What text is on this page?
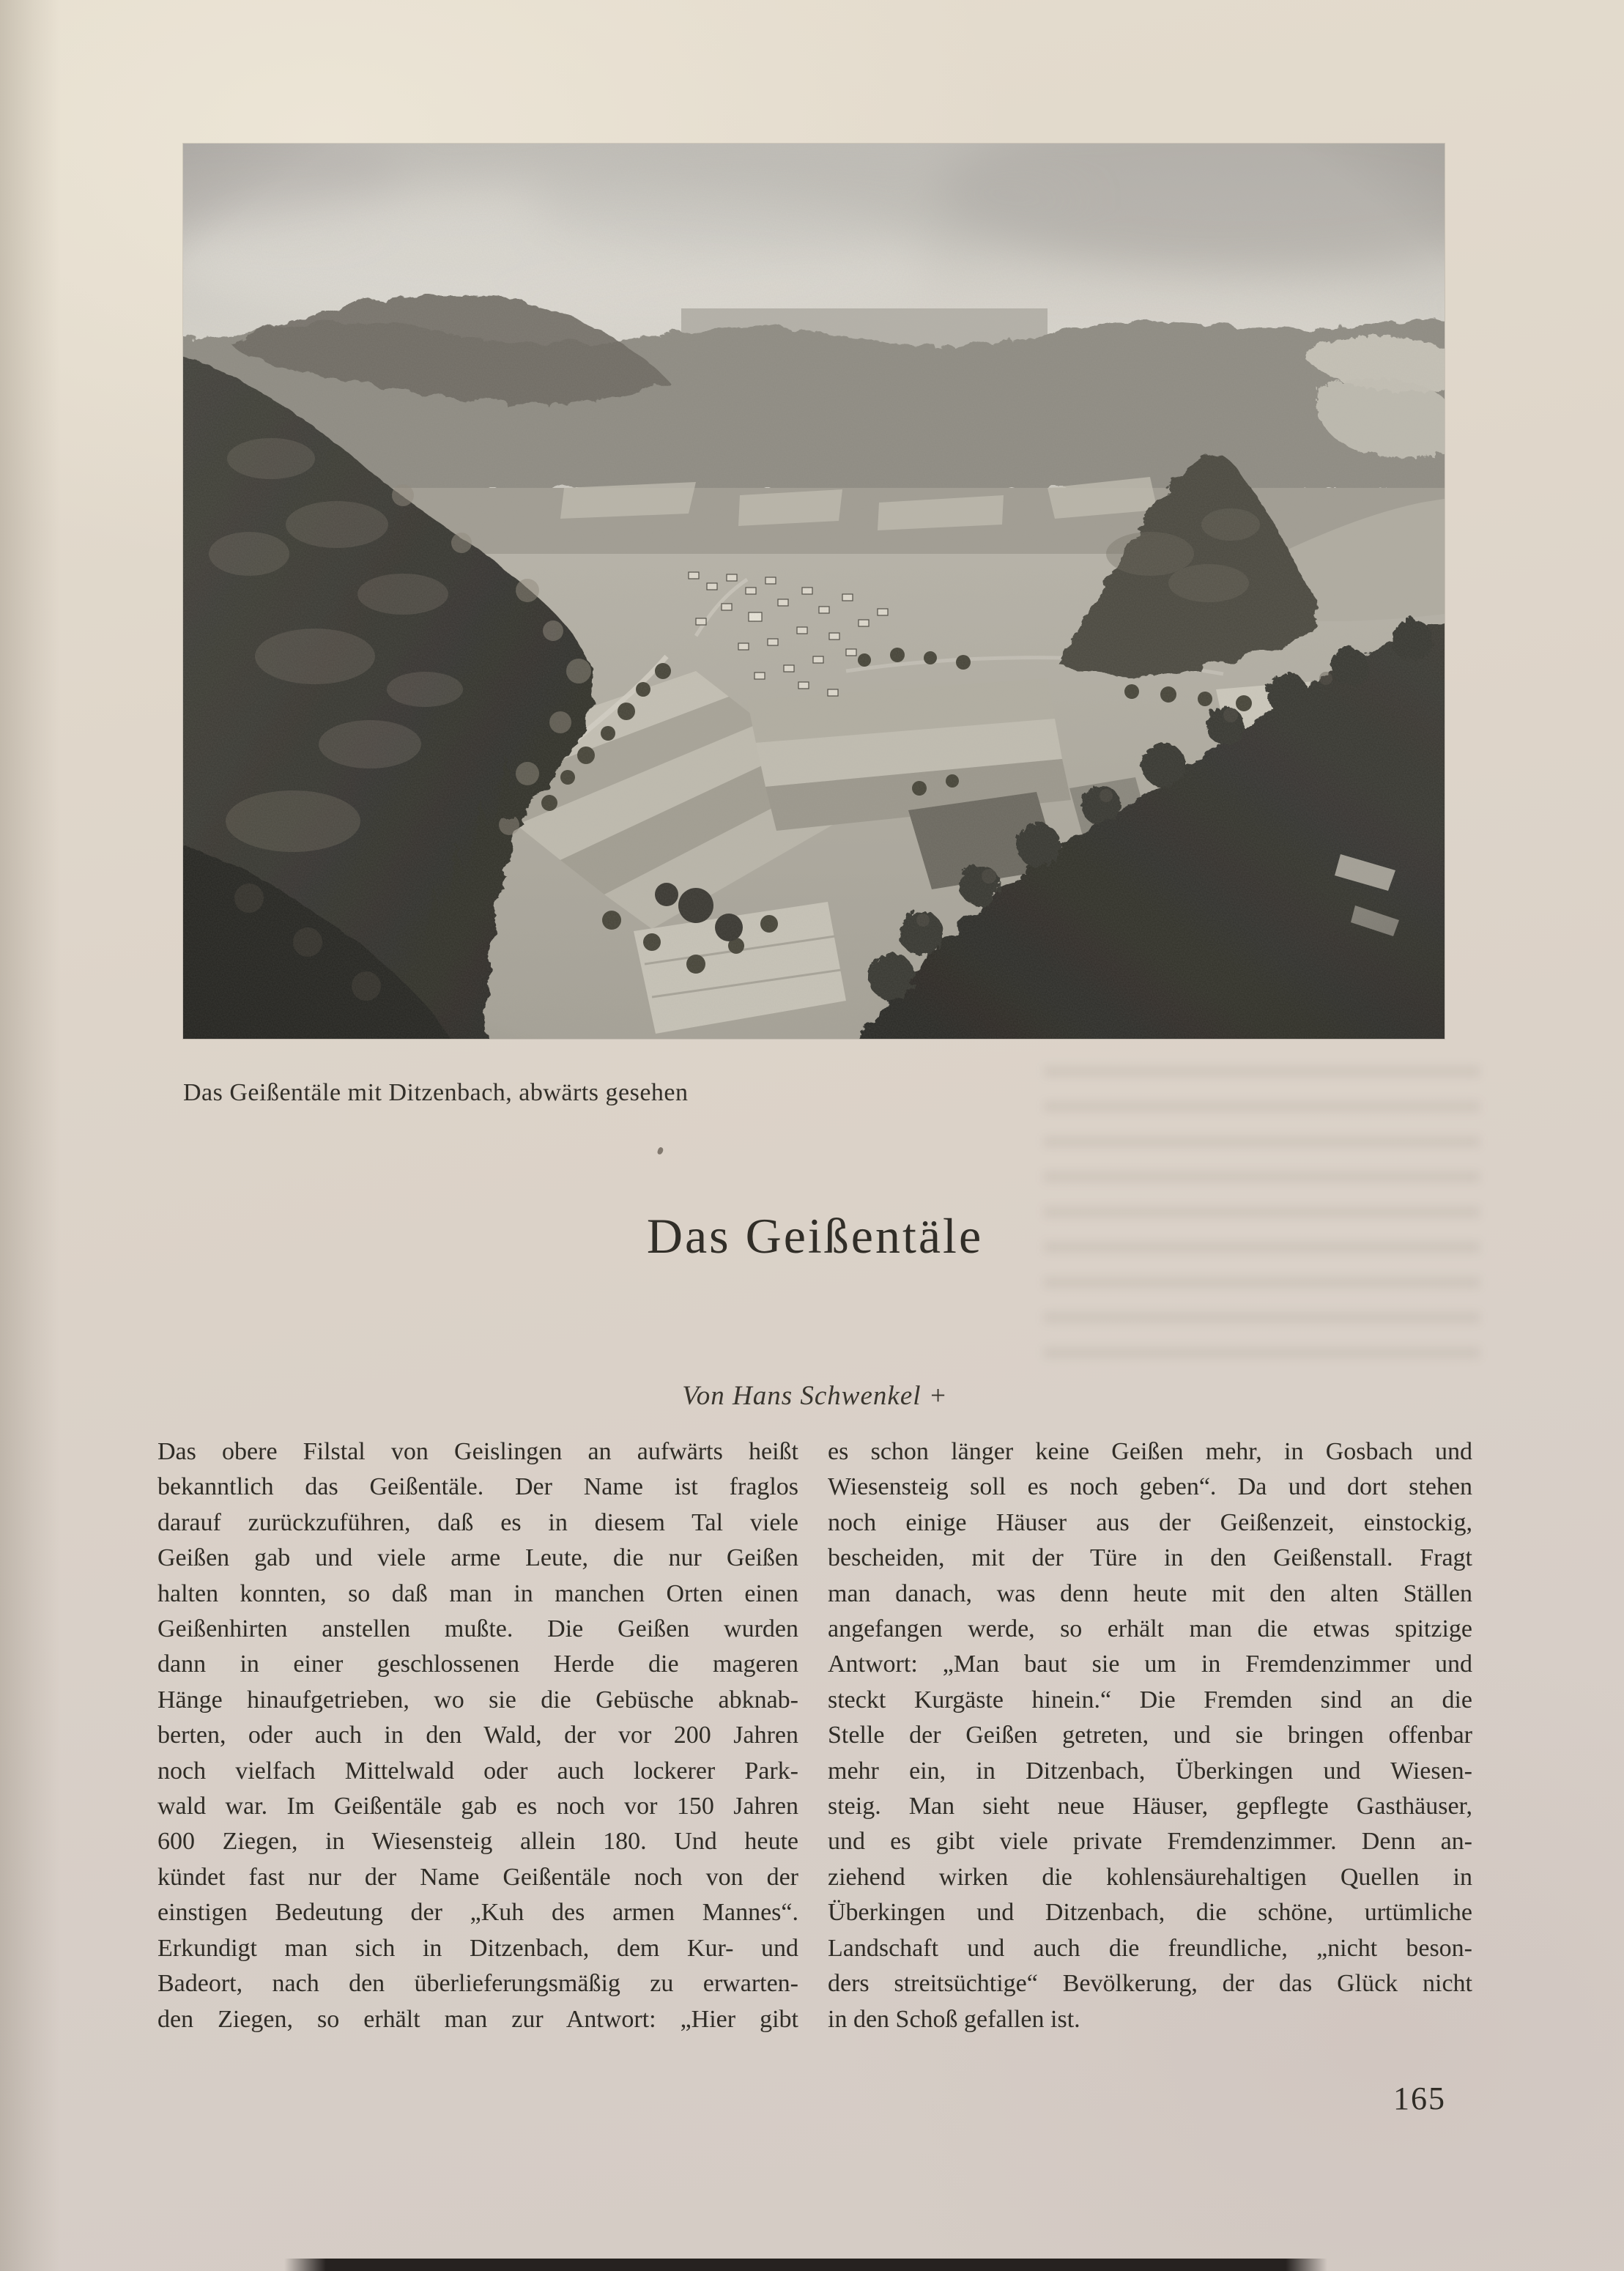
Das Geißentäle mit Ditzenbach, abwärts gesehen
Das Geißentäle
Von Hans Schwenkel +
Das obere Filstal von Geislingen an aufwärts heißt
bekanntlich das Geißentäle. Der Name ist fraglos
darauf zurückzuführen, daß es in diesem Tal viele
Geißen gab und viele arme Leute, die nur Geißen
halten konnten, so daß man in manchen Orten einen
Geißenhirten anstellen mußte. Die Geißen wurden
dann in einer geschlossenen Herde die mageren
Hänge hinaufgetrieben, wo sie die Gebüsche abknab-
berten, oder auch in den Wald, der vor 200 Jahren
noch vielfach Mittelwald oder auch lockerer Park-
wald war. Im Geißentäle gab es noch vor 150 Jahren
600 Ziegen, in Wiesensteig allein 180. Und heute
kündet fast nur der Name Geißentäle noch von der
einstigen Bedeutung der „Kuh des armen Mannes“.
Erkundigt man sich in Ditzenbach, dem Kur- und
Badeort, nach den überlieferungsmäßig zu erwarten-
den Ziegen, so erhält man zur Antwort: „Hier gibt
es schon länger keine Geißen mehr, in Gosbach und
Wiesensteig soll es noch geben“. Da und dort stehen
noch einige Häuser aus der Geißenzeit, einstockig,
bescheiden, mit der Türe in den Geißenstall. Fragt
man danach, was denn heute mit den alten Ställen
angefangen werde, so erhält man die etwas spitzige
Antwort: „Man baut sie um in Fremdenzimmer und
steckt Kurgäste hinein.“ Die Fremden sind an die
Stelle der Geißen getreten, und sie bringen offenbar
mehr ein, in Ditzenbach, Überkingen und Wiesen-
steig. Man sieht neue Häuser, gepflegte Gasthäuser,
und es gibt viele private Fremdenzimmer. Denn an-
ziehend wirken die kohlensäurehaltigen Quellen in
Überkingen und Ditzenbach, die schöne, urtümliche
Landschaft und auch die freundliche, „nicht beson-
ders streitsüchtige“ Bevölkerung, der das Glück nicht
in den Schoß gefallen ist.
165
